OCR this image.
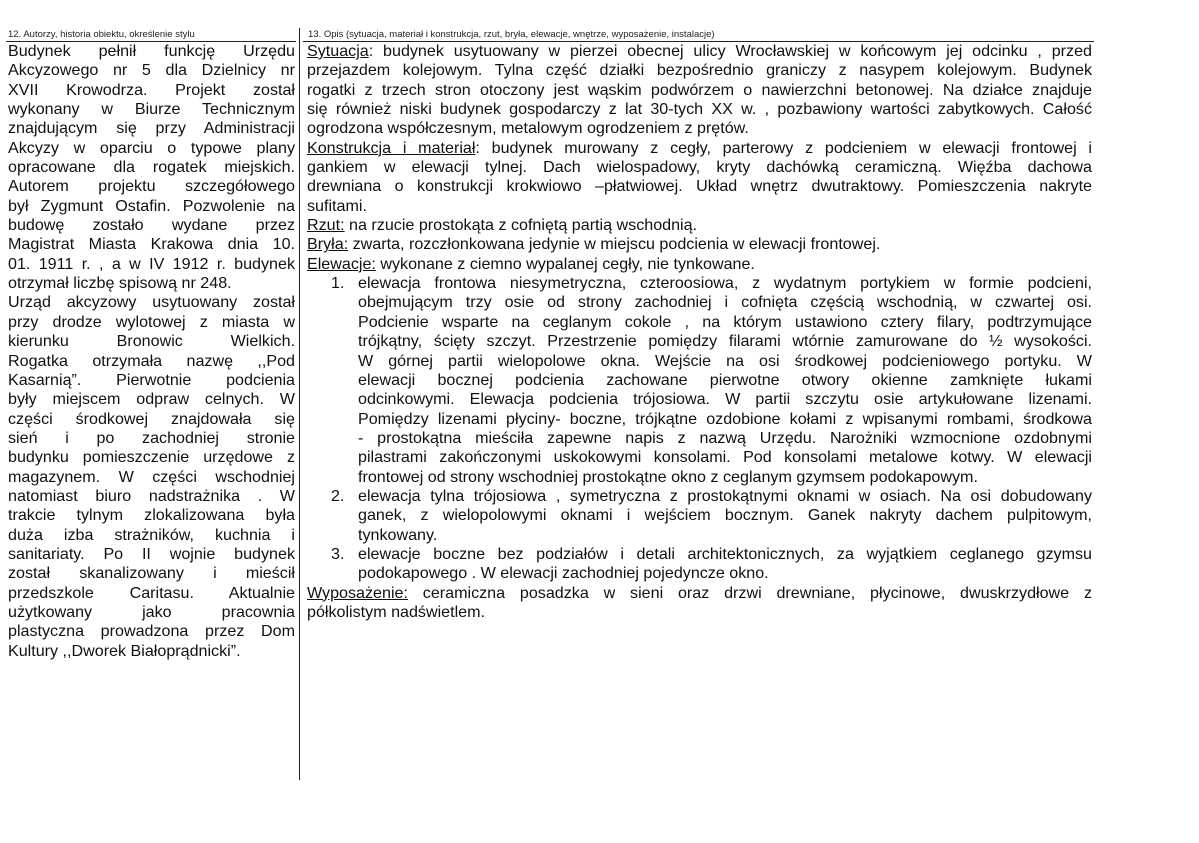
12. Autorzy, historia obiektu, określenie stylu	13. Opis (sytuacja, materiał i konstrukcja, rzut, bryła, elewacje, wnętrze, wyposażenie, instalacje)
Budynek pełnił funkcję Urzędu
Akcyzowego nr 5 dla Dzielnicy nr
XVII Krowodrza. Projekt został
wykonany w Biurze Technicznym
znajdującym się przy Administracji
Akcyzy w oparciu o typowe plany
opracowane dla rogatek miejskich.
Autorem projektu szczegółowego
był Zygmunt Ostafin. Pozwolenie na
budowę zostało wydane przez
Magistrat Miasta Krakowa dnia 10.
01. 1911 r. , a w IV 1912 r. budynek
otrzymał liczbę spisową nr 248.
Urząd akcyzowy usytuowany został
przy drodze wylotowej z miasta w
kierunku Bronowic Wielkich.
Rogatka otrzymała nazwę ,,Pod
Kasarnią”. Pierwotnie podcienia
były miejscem odpraw celnych. W
części środkowej znajdowała się
sień i po zachodniej stronie
budynku pomieszczenie urzędowe z
magazynem. W części wschodniej
natomiast biuro nadstrażnika . W
trakcie tylnym zlokalizowana była
duża izba strażników, kuchnia i
sanitariaty. Po II wojnie budynek
został skanalizowany i mieścił
przedszkole Caritasu. Aktualnie
użytkowany jako pracownia
plastyczna prowadzona przez Dom
Kultury ,,Dworek Białoprądnicki”.
Sytuacja: budynek usytuowany w pierzei obecnej ulicy Wrocławskiej w końcowym jej odcinku , przed
przejazdem kolejowym. Tylna część działki bezpośrednio graniczy z nasypem kolejowym. Budynek
rogatki z trzech stron otoczony jest wąskim podwórzem o nawierzchni betonowej. Na działce znajduje
się również niski budynek gospodarczy z lat 30-tych XX w. , pozbawiony wartości zabytkowych. Całość
ogrodzona współczesnym, metalowym ogrodzeniem z prętów.
Konstrukcja i materiał: budynek murowany z cegły, parterowy z podcieniem w elewacji frontowej i
gankiem w elewacji tylnej. Dach wielospadowy, kryty dachówką ceramiczną. Więźba dachowa
drewniana o konstrukcji krokwiowo –płatwiowej. Układ wnętrz dwutraktowy. Pomieszczenia nakryte
sufitami.
Rzut: na rzucie prostokąta z cofniętą partią wschodnią.
Bryła: zwarta, rozczłonkowana jedynie w miejscu podcienia w elewacji frontowej.
Elewacje: wykonane z ciemno wypalanej cegły, nie tynkowane.
1. elewacja frontowa niesymetryczna, czteroosiowa, z wydatnym portykiem w formie podcieni,
obejmującym trzy osie od strony zachodniej i cofnięta częścią wschodnią, w czwartej osi.
Podcienie wsparte na ceglanym cokole , na którym ustawiono cztery filary, podtrzymujące
trójkątny, ścięty szczyt. Przestrzenie pomiędzy filarami wtórnie zamurowane do ½ wysokości.
W górnej partii wielopolowe okna. Wejście na osi środkowej podcieniowego portyku. W
elewacji bocznej podcienia zachowane pierwotne otwory okienne zamknięte łukami
odcinkowymi. Elewacja podcienia trójosiowa. W partii szczytu osie artykułowane lizenami.
Pomiędzy lizenami płyciny- boczne, trójkątne ozdobione kołami z wpisanymi rombami, środkowa
- prostokątna mieściła zapewne napis z nazwą Urzędu. Narożniki wzmocnione ozdobnymi
pilastrami zakończonymi uskokowymi konsolami. Pod konsolami metalowe kotwy. W elewacji
frontowej od strony wschodniej prostokątne okno z ceglanym gzymsem podokapowym.
2. elewacja tylna trójosiowa , symetryczna z prostokątnymi oknami w osiach. Na osi dobudowany
ganek, z wielopolowymi oknami i wejściem bocznym. Ganek nakryty dachem pulpitowym,
tynkowany.
3. elewacje boczne bez podziałów i detali architektonicznych, za wyjątkiem ceglanego gzymsu
podokapowego . W elewacji zachodniej pojedyncze okno.
Wyposażenie: ceramiczna posadzka w sieni oraz drzwi drewniane, płycinowe, dwuskrzydłowe z
półkolistym nadświetlem.
